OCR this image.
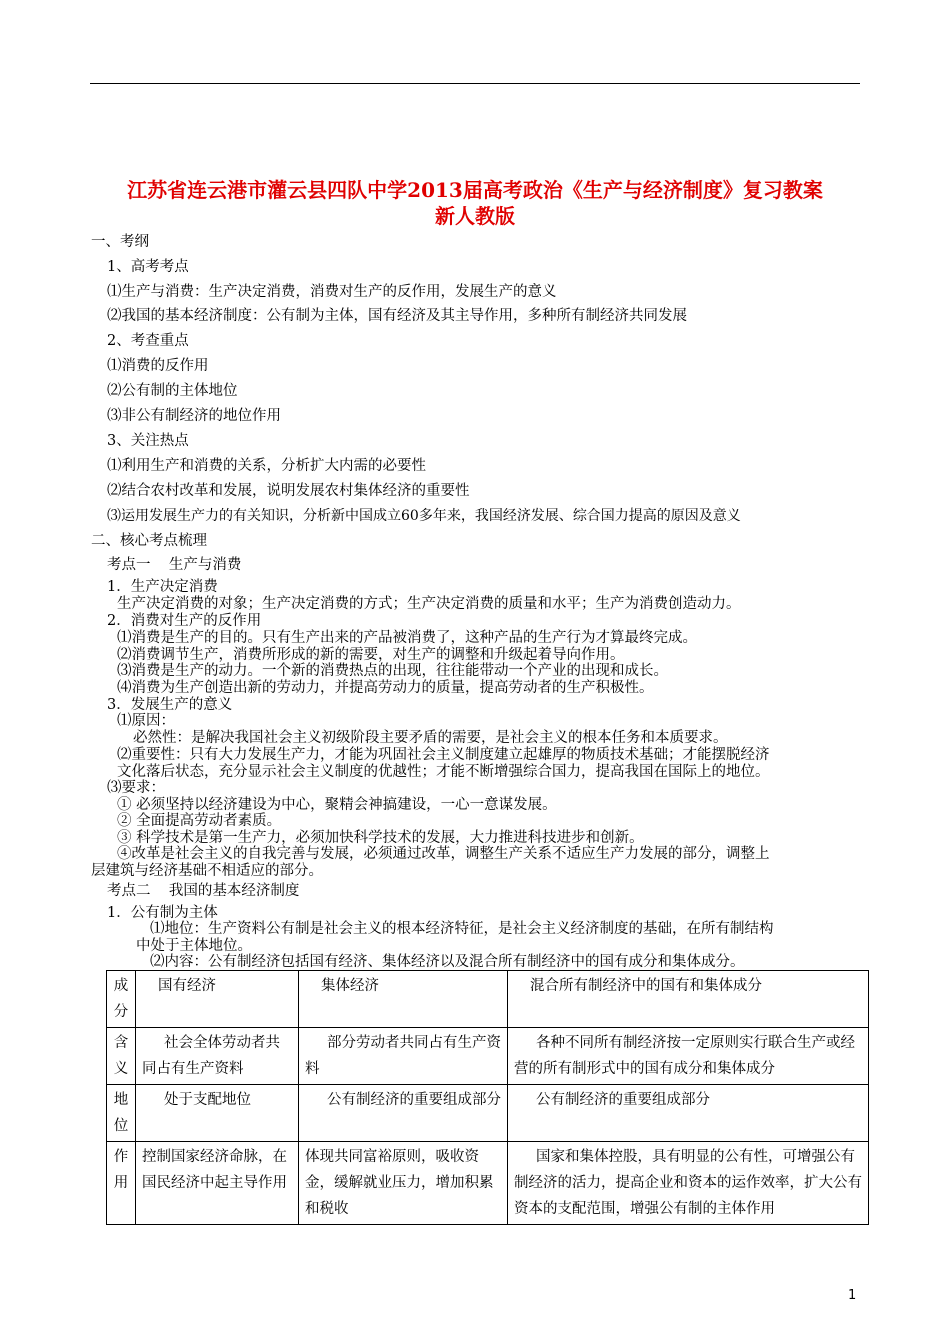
江苏省连云港市灌云县四队中学2013届高考政治《生产与经济制度》复习教案
新人教版

一、考纲

1、高考考点

⑴生产与消费：生产决定消费，消费对生产的反作用，发展生产的意义

⑵我国的基本经济制度：公有制为主体，国有经济及其主导作用，多种所有制经济共同发展

2、考查重点

⑴消费的反作用

⑵公有制的主体地位

⑶非公有制经济的地位作用

3、关注热点

⑴利用生产和消费的关系，分析扩大内需的必要性

⑵结合农村改革和发展，说明发展农村集体经济的重要性

⑶运用发展生产力的有关知识，分析新中国成立60多年来，我国经济发展、综合国力提高的原因及意义

二、核心考点梳理

考点一    生产与消费

1．生产决定消费

生产决定消费的对象；生产决定消费的方式；生产决定消费的质量和水平；生产为消费创造动力。

2．消费对生产的反作用

⑴消费是生产的目的。只有生产出来的产品被消费了，这种产品的生产行为才算最终完成。

⑵消费调节生产，消费所形成的新的需要，对生产的调整和升级起着导向作用。

⑶消费是生产的动力。一个新的消费热点的出现，往往能带动一个产业的出现和成长。

⑷消费为生产创造出新的劳动力，并提高劳动力的质量，提高劳动者的生产积极性。

3．发展生产的意义

⑴原因：

必然性：是解决我国社会主义初级阶段主要矛盾的需要，是社会主义的根本任务和本质要求。

⑵重要性：只有大力发展生产力，才能为巩固社会主义制度建立起雄厚的物质技术基础；才能摆脱经济

文化落后状态，充分显示社会主义制度的优越性；才能不断增强综合国力，提高我国在国际上的地位。

⑶要求：

① 必须坚持以经济建设为中心，聚精会神搞建设，一心一意谋发展。

② 全面提高劳动者素质。

③ 科学技术是第一生产力，必须加快科学技术的发展，大力推进科技进步和创新。

④改革是社会主义的自我完善与发展，必须通过改革，调整生产关系不适应生产力发展的部分，调整上

层建筑与经济基础不相适应的部分。

考点二    我国的基本经济制度

1．公有制为主体

⑴地位：生产资料公有制是社会主义的根本经济特征，是社会主义经济制度的基础，在所有制结构

中处于主体地位。

⑵内容：公有制经济包括国有经济、集体经济以及混合所有制经济中的国有成分和集体成分。

成分	国有经济	集体经济	混合所有制经济中的国有和集体成分
含义	社会全体劳动者共同占有生产资料	部分劳动者共同占有生产资料	各种不同所有制经济按一定原则实行联合生产或经营的所有制形式中的国有成分和集体成分
地位	处于支配地位	公有制经济的重要组成部分	公有制经济的重要组成部分
作用	控制国家经济命脉，在国民经济中起主导作用	体现共同富裕原则，吸收资金，缓解就业压力，增加积累和税收	国家和集体控股，具有明显的公有性，可增强公有制经济的活力，提高企业和资本的运作效率，扩大公有资本的支配范围，增强公有制的主体作用
1
